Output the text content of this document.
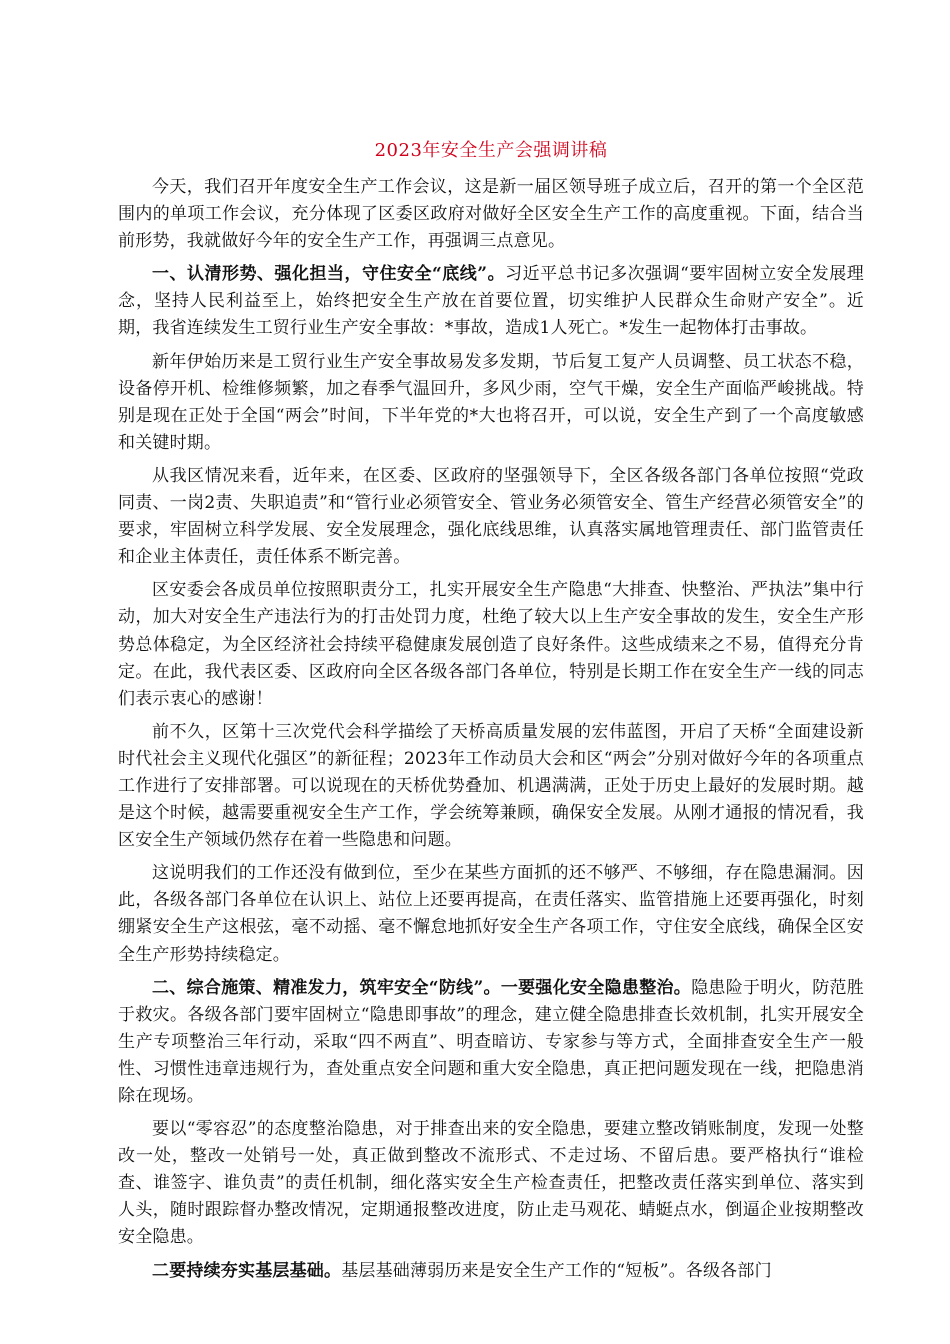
2023年安全生产会强调讲稿

今天，我们召开年度安全生产工作会议，这是新一届区领导班子成立后，召开的第一个全区范围内的单项工作会议，充分体现了区委区政府对做好全区安全生产工作的高度重视。下面，结合当前形势，我就做好今年的安全生产工作，再强调三点意见。

一、认清形势、强化担当，守住安全“底线”。习近平总书记多次强调“要牢固树立安全发展理念，坚持人民利益至上，始终把安全生产放在首要位置，切实维护人民群众生命财产安全”。近期，我省连续发生工贸行业生产安全事故：*事故，造成1人死亡。*发生一起物体打击事故。

新年伊始历来是工贸行业生产安全事故易发多发期，节后复工复产人员调整、员工状态不稳，设备停开机、检维修频繁，加之春季气温回升，多风少雨，空气干燥，安全生产面临严峻挑战。特别是现在正处于全国“两会”时间，下半年党的*大也将召开，可以说，安全生产到了一个高度敏感和关键时期。

从我区情况来看，近年来，在区委、区政府的坚强领导下，全区各级各部门各单位按照“党政同责、一岗2责、失职追责”和“管行业必须管安全、管业务必须管安全、管生产经营必须管安全”的要求，牢固树立科学发展、安全发展理念，强化底线思维，认真落实属地管理责任、部门监管责任和企业主体责任，责任体系不断完善。

区安委会各成员单位按照职责分工，扎实开展安全生产隐患“大排查、快整治、严执法”集中行动，加大对安全生产违法行为的打击处罚力度，杜绝了较大以上生产安全事故的发生，安全生产形势总体稳定，为全区经济社会持续平稳健康发展创造了良好条件。这些成绩来之不易，值得充分肯定。在此，我代表区委、区政府向全区各级各部门各单位，特别是长期工作在安全生产一线的同志们表示衷心的感谢！

前不久，区第十三次党代会科学描绘了天桥高质量发展的宏伟蓝图，开启了天桥“全面建设新时代社会主义现代化强区”的新征程；2023年工作动员大会和区“两会”分别对做好今年的各项重点工作进行了安排部署。可以说现在的天桥优势叠加、机遇满满，正处于历史上最好的发展时期。越是这个时候，越需要重视安全生产工作，学会统筹兼顾，确保安全发展。从刚才通报的情况看，我区安全生产领域仍然存在着一些隐患和问题。

这说明我们的工作还没有做到位，至少在某些方面抓的还不够严、不够细，存在隐患漏洞。因此，各级各部门各单位在认识上、站位上还要再提高，在责任落实、监管措施上还要再强化，时刻绷紧安全生产这根弦，毫不动摇、毫不懈怠地抓好安全生产各项工作，守住安全底线，确保全区安全生产形势持续稳定。

二、综合施策、精准发力，筑牢安全“防线”。一要强化安全隐患整治。隐患险于明火，防范胜于救灾。各级各部门要牢固树立“隐患即事故”的理念，建立健全隐患排查长效机制，扎实开展安全生产专项整治三年行动，采取“四不两直”、明查暗访、专家参与等方式，全面排查安全生产一般性、习惯性违章违规行为，查处重点安全问题和重大安全隐患，真正把问题发现在一线，把隐患消除在现场。

要以“零容忍”的态度整治隐患，对于排查出来的安全隐患，要建立整改销账制度，发现一处整改一处，整改一处销号一处，真正做到整改不流形式、不走过场、不留后患。要严格执行“谁检查、谁签字、谁负责”的责任机制，细化落实安全生产检查责任，把整改责任落实到单位、落实到人头，随时跟踪督办整改情况，定期通报整改进度，防止走马观花、蜻蜓点水，倒逼企业按期整改安全隐患。

二要持续夯实基层基础。基层基础薄弱历来是安全生产工作的“短板”。各级各部门
